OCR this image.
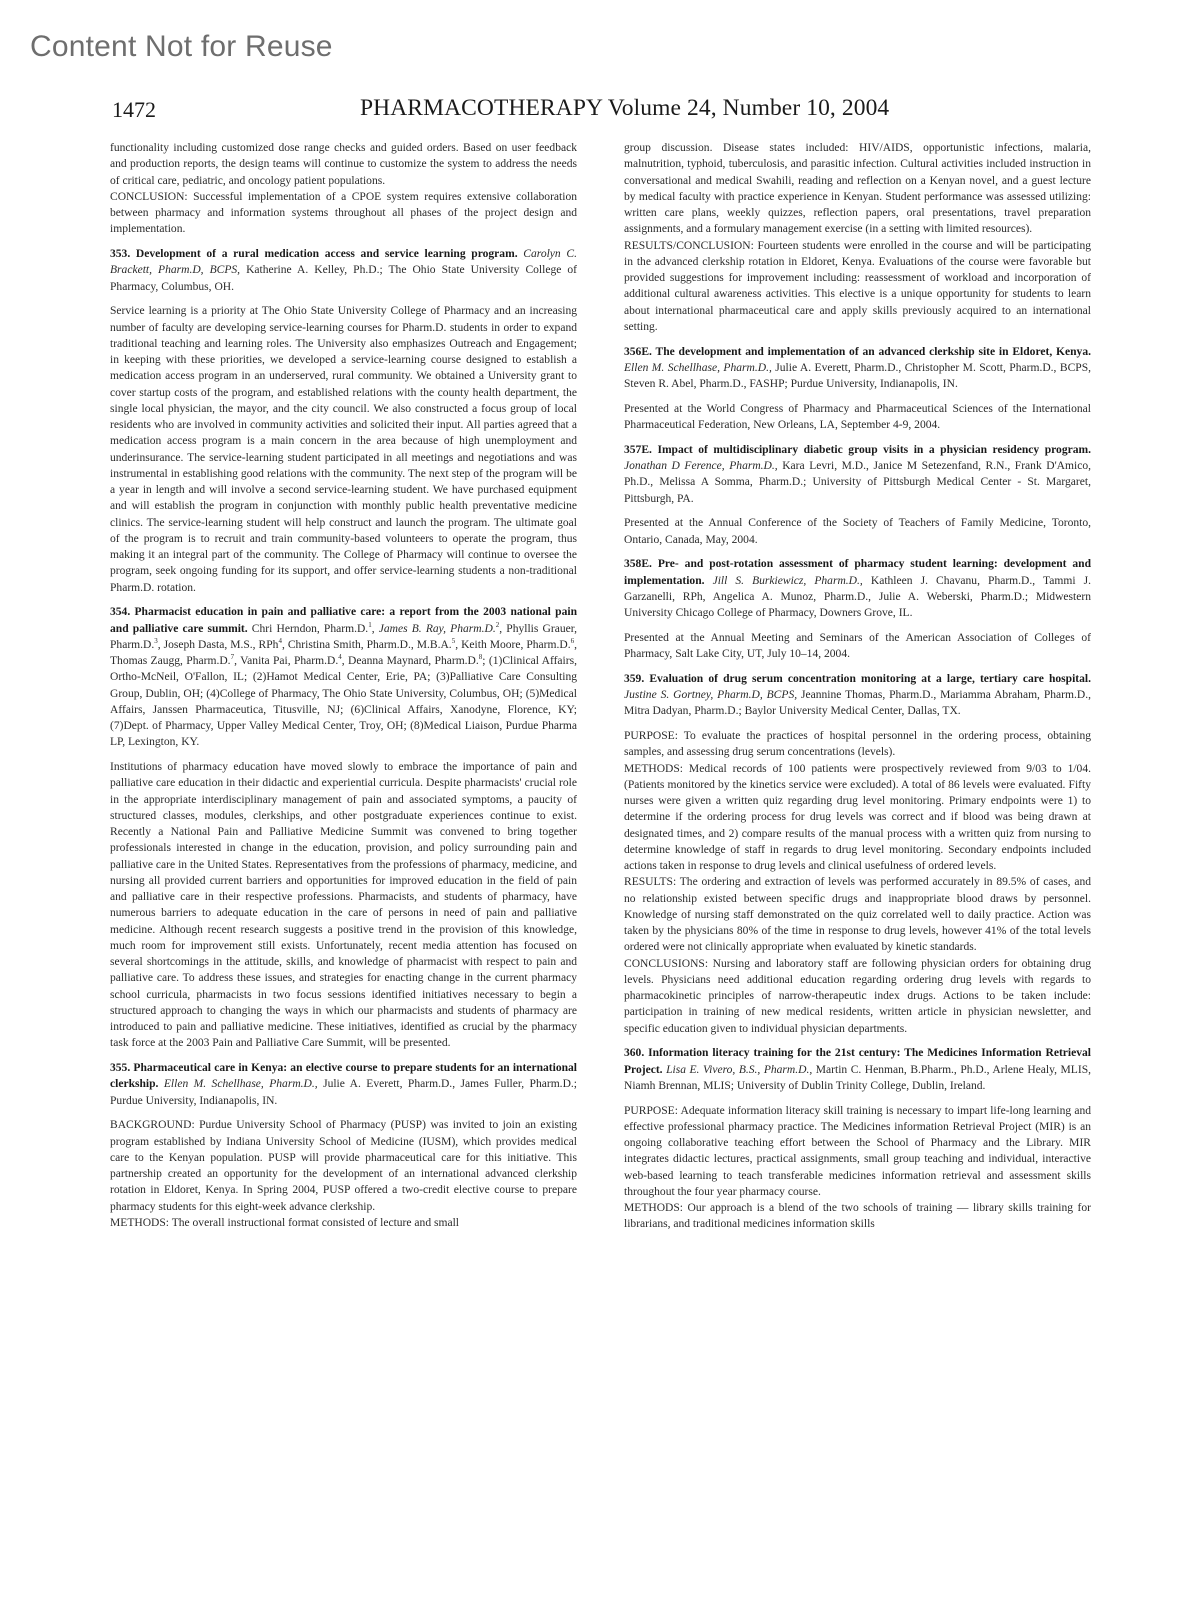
Content Not for Reuse
1472	PHARMACOTHERAPY Volume 24, Number 10, 2004

functionality including customized dose range checks and guided orders. Based on user feedback and production reports, the design teams will continue to customize the system to address the needs of critical care, pediatric, and oncology patient populations.

CONCLUSION: Successful implementation of a CPOE system requires extensive collaboration between pharmacy and information systems throughout all phases of the project design and implementation.

353. Development of a rural medication access and service learning program. Carolyn C. Brackett, Pharm.D, BCPS, Katherine A. Kelley, Ph.D.; The Ohio State University College of Pharmacy, Columbus, OH.

Service learning is a priority at The Ohio State University College of Pharmacy and an increasing number of faculty are developing service-learning courses for Pharm.D. students in order to expand traditional teaching and learning roles. The University also emphasizes Outreach and Engagement; in keeping with these priorities, we developed a service-learning course designed to establish a medication access program in an underserved, rural community. We obtained a University grant to cover startup costs of the program, and established relations with the county health department, the single local physician, the mayor, and the city council. We also constructed a focus group of local residents who are involved in community activities and solicited their input. All parties agreed that a medication access program is a main concern in the area because of high unemployment and underinsurance. The service-learning student participated in all meetings and negotiations and was instrumental in establishing good relations with the community. The next step of the program will be a year in length and will involve a second service-learning student. We have purchased equipment and will establish the program in conjunction with monthly public health preventative medicine clinics. The service-learning student will help construct and launch the program. The ultimate goal of the program is to recruit and train community-based volunteers to operate the program, thus making it an integral part of the community. The College of Pharmacy will continue to oversee the program, seek ongoing funding for its support, and offer service-learning students a non-traditional Pharm.D. rotation.

354. Pharmacist education in pain and palliative care: a report from the 2003 national pain and palliative care summit. Chri Herndon, Pharm.D.$^1$, James B. Ray, Pharm.D.$^2$, Phyllis Grauer, Pharm.D.$^3$, Joseph Dasta, M.S., RPh$^4$, Christina Smith, Pharm.D., M.B.A.$^5$, Keith Moore, Pharm.D.$^6$, Thomas Zaugg, Pharm.D.$^7$, Vanita Pai, Pharm.D.$^4$, Deanna Maynard, Pharm.D.$^8$; (1)Clinical Affairs, Ortho-McNeil, O'Fallon, IL; (2)Hamot Medical Center, Erie, PA; (3)Palliative Care Consulting Group, Dublin, OH; (4)College of Pharmacy, The Ohio State University, Columbus, OH; (5)Medical Affairs, Janssen Pharmaceutica, Titusville, NJ; (6)Clinical Affairs, Xanodyne, Florence, KY; (7)Dept. of Pharmacy, Upper Valley Medical Center, Troy, OH; (8)Medical Liaison, Purdue Pharma LP, Lexington, KY.

Institutions of pharmacy education have moved slowly to embrace the importance of pain and palliative care education in their didactic and experiential curricula. Despite pharmacists' crucial role in the appropriate interdisciplinary management of pain and associated symptoms, a paucity of structured classes, modules, clerkships, and other postgraduate experiences continue to exist. Recently a National Pain and Palliative Medicine Summit was convened to bring together professionals interested in change in the education, provision, and policy surrounding pain and palliative care in the United States. Representatives from the professions of pharmacy, medicine, and nursing all provided current barriers and opportunities for improved education in the field of pain and palliative care in their respective professions. Pharmacists, and students of pharmacy, have numerous barriers to adequate education in the care of persons in need of pain and palliative medicine. Although recent research suggests a positive trend in the provision of this knowledge, much room for improvement still exists. Unfortunately, recent media attention has focused on several shortcomings in the attitude, skills, and knowledge of pharmacist with respect to pain and palliative care. To address these issues, and strategies for enacting change in the current pharmacy school curricula, pharmacists in two focus sessions identified initiatives necessary to begin a structured approach to changing the ways in which our pharmacists and students of pharmacy are introduced to pain and palliative medicine. These initiatives, identified as crucial by the pharmacy task force at the 2003 Pain and Palliative Care Summit, will be presented.

355. Pharmaceutical care in Kenya: an elective course to prepare students for an international clerkship. Ellen M. Schellhase, Pharm.D., Julie A. Everett, Pharm.D., James Fuller, Pharm.D.; Purdue University, Indianapolis, IN.

BACKGROUND: Purdue University School of Pharmacy (PUSP) was invited to join an existing program established by Indiana University School of Medicine (IUSM), which provides medical care to the Kenyan population. PUSP will provide pharmaceutical care for this initiative. This partnership created an opportunity for the development of an international advanced clerkship rotation in Eldoret, Kenya. In Spring 2004, PUSP offered a two-credit elective course to prepare pharmacy students for this eight-week advance clerkship.

METHODS: The overall instructional format consisted of lecture and small

group discussion. Disease states included: HIV/AIDS, opportunistic infections, malaria, malnutrition, typhoid, tuberculosis, and parasitic infection. Cultural activities included instruction in conversational and medical Swahili, reading and reflection on a Kenyan novel, and a guest lecture by medical faculty with practice experience in Kenyan. Student performance was assessed utilizing: written care plans, weekly quizzes, reflection papers, oral presentations, travel preparation assignments, and a formulary management exercise (in a setting with limited resources).

RESULTS/CONCLUSION: Fourteen students were enrolled in the course and will be participating in the advanced clerkship rotation in Eldoret, Kenya. Evaluations of the course were favorable but provided suggestions for improvement including: reassessment of workload and incorporation of additional cultural awareness activities. This elective is a unique opportunity for students to learn about international pharmaceutical care and apply skills previously acquired to an international setting.

356E. The development and implementation of an advanced clerkship site in Eldoret, Kenya. Ellen M. Schellhase, Pharm.D., Julie A. Everett, Pharm.D., Christopher M. Scott, Pharm.D., BCPS, Steven R. Abel, Pharm.D., FASHP; Purdue University, Indianapolis, IN.

Presented at the World Congress of Pharmacy and Pharmaceutical Sciences of the International Pharmaceutical Federation, New Orleans, LA, September 4-9, 2004.

357E. Impact of multidisciplinary diabetic group visits in a physician residency program. Jonathan D Ference, Pharm.D., Kara Levri, M.D., Janice M Setezenfand, R.N., Frank D'Amico, Ph.D., Melissa A Somma, Pharm.D.; University of Pittsburgh Medical Center - St. Margaret, Pittsburgh, PA.

Presented at the Annual Conference of the Society of Teachers of Family Medicine, Toronto, Ontario, Canada, May, 2004.

358E. Pre- and post-rotation assessment of pharmacy student learning: development and implementation. Jill S. Burkiewicz, Pharm.D., Kathleen J. Chavanu, Pharm.D., Tammi J. Garzanelli, RPh, Angelica A. Munoz, Pharm.D., Julie A. Weberski, Pharm.D.; Midwestern University Chicago College of Pharmacy, Downers Grove, IL.

Presented at the Annual Meeting and Seminars of the American Association of Colleges of Pharmacy, Salt Lake City, UT, July 10–14, 2004.

359. Evaluation of drug serum concentration monitoring at a large, tertiary care hospital. Justine S. Gortney, Pharm.D, BCPS, Jeannine Thomas, Pharm.D., Mariamma Abraham, Pharm.D., Mitra Dadyan, Pharm.D.; Baylor University Medical Center, Dallas, TX.

PURPOSE: To evaluate the practices of hospital personnel in the ordering process, obtaining samples, and assessing drug serum concentrations (levels).

METHODS: Medical records of 100 patients were prospectively reviewed from 9/03 to 1/04. (Patients monitored by the kinetics service were excluded). A total of 86 levels were evaluated. Fifty nurses were given a written quiz regarding drug level monitoring. Primary endpoints were 1) to determine if the ordering process for drug levels was correct and if blood was being drawn at designated times, and 2) compare results of the manual process with a written quiz from nursing to determine knowledge of staff in regards to drug level monitoring. Secondary endpoints included actions taken in response to drug levels and clinical usefulness of ordered levels.

RESULTS: The ordering and extraction of levels was performed accurately in 89.5% of cases, and no relationship existed between specific drugs and inappropriate blood draws by personnel. Knowledge of nursing staff demonstrated on the quiz correlated well to daily practice. Action was taken by the physicians 80% of the time in response to drug levels, however 41% of the total levels ordered were not clinically appropriate when evaluated by kinetic standards.

CONCLUSIONS: Nursing and laboratory staff are following physician orders for obtaining drug levels. Physicians need additional education regarding ordering drug levels with regards to pharmacokinetic principles of narrow-therapeutic index drugs. Actions to be taken include: participation in training of new medical residents, written article in physician newsletter, and specific education given to individual physician departments.

360. Information literacy training for the 21st century: The Medicines Information Retrieval Project. Lisa E. Vivero, B.S., Pharm.D., Martin C. Henman, B.Pharm., Ph.D., Arlene Healy, MLIS, Niamh Brennan, MLIS; University of Dublin Trinity College, Dublin, Ireland.

PURPOSE: Adequate information literacy skill training is necessary to impart life-long learning and effective professional pharmacy practice. The Medicines information Retrieval Project (MIR) is an ongoing collaborative teaching effort between the School of Pharmacy and the Library. MIR integrates didactic lectures, practical assignments, small group teaching and individual, interactive web-based learning to teach transferable medicines information retrieval and assessment skills throughout the four year pharmacy course.

METHODS: Our approach is a blend of the two schools of training — library skills training for librarians, and traditional medicines information skills
